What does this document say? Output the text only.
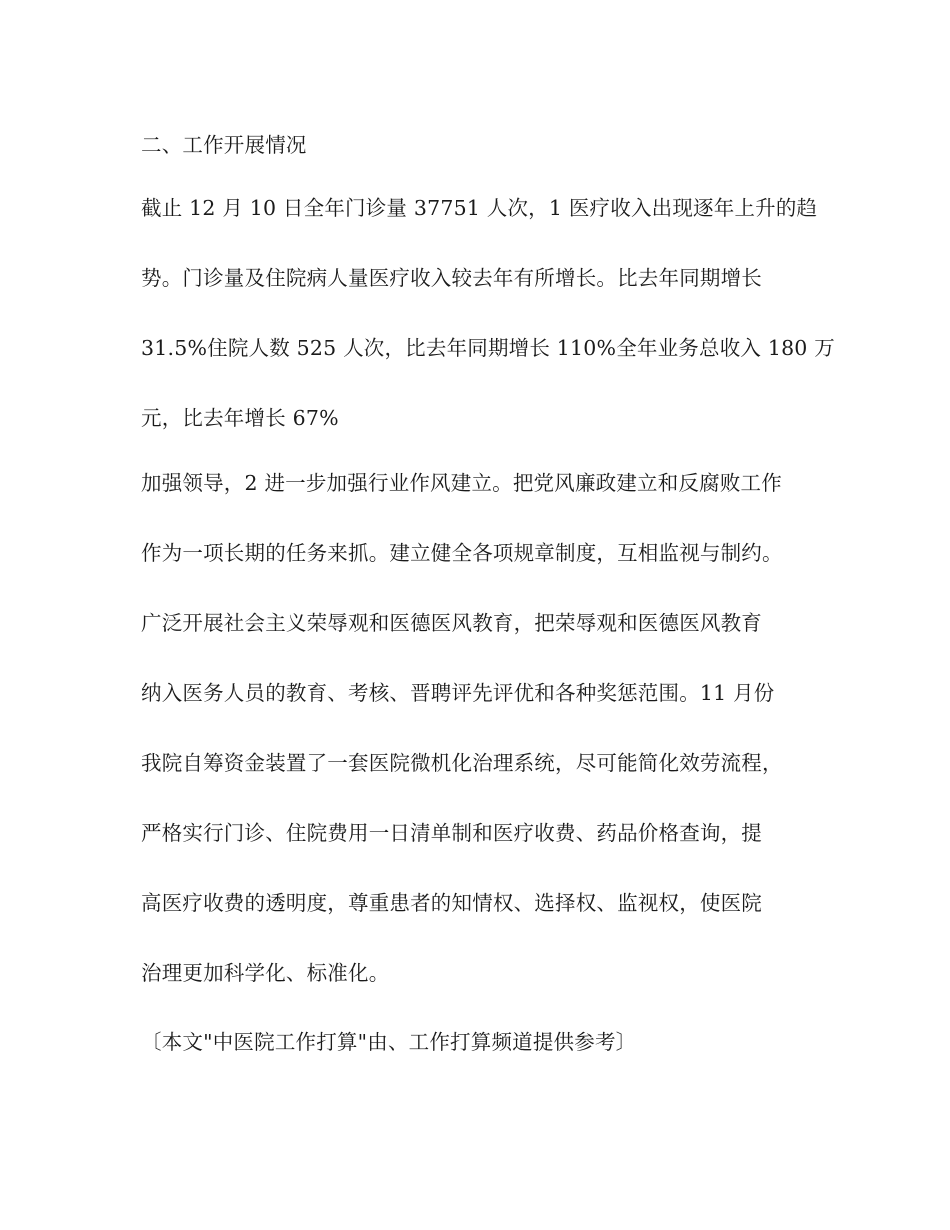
二、工作开展情况
截止 12 月 10 日全年门诊量 37751 人次，1 医疗收入出现逐年上升的趋
势。门诊量及住院病人量医疗收入较去年有所增长。比去年同期增长
31.5%住院人数 525 人次，比去年同期增长 110%全年业务总收入 180 万
元，比去年增长 67%
加强领导，2 进一步加强行业作风建立。把党风廉政建立和反腐败工作
作为一项长期的任务来抓。建立健全各项规章制度，互相监视与制约。
广泛开展社会主义荣辱观和医德医风教育，把荣辱观和医德医风教育
纳入医务人员的教育、考核、晋聘评先评优和各种奖惩范围。11 月份
我院自筹资金装置了一套医院微机化治理系统，尽可能简化效劳流程，
严格实行门诊、住院费用一日清单制和医疗收费、药品价格查询，提
高医疗收费的透明度，尊重患者的知情权、选择权、监视权，使医院
治理更加科学化、标准化。
〔本文"中医院工作打算"由、工作打算频道提供参考〕
